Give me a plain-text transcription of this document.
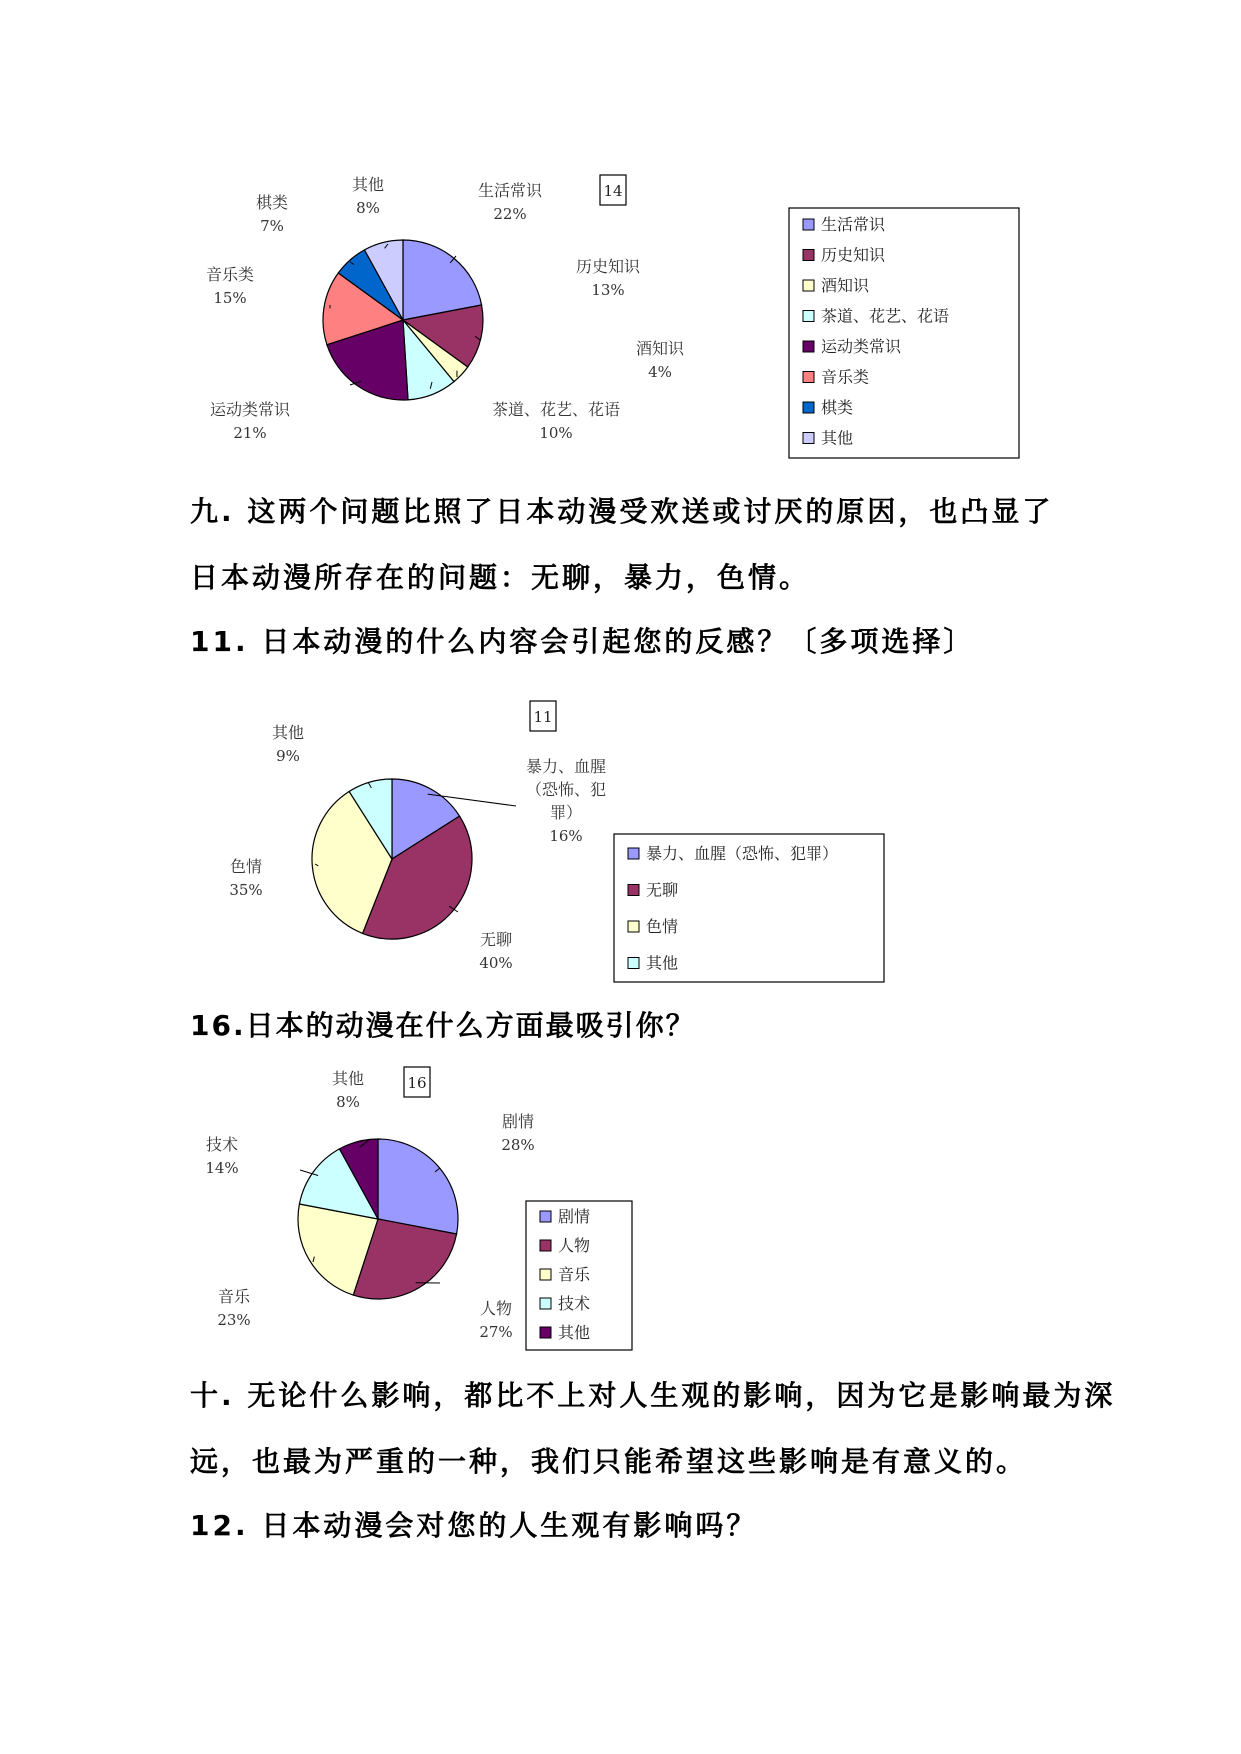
14
生活常识
22%
历史知识
13%
酒知识
4%
茶道、花艺、花语
10%
运动类常识
21%
音乐类
15%
棋类
7%
其他
8%
生活常识
历史知识
酒知识
茶道、花艺、花语
运动类常识
音乐类
棋类
其他
11
暴力、血腥
（恐怖、犯
罪）
16%
无聊
40%
色情
35%
其他
9%
暴力、血腥（恐怖、犯罪）
无聊
色情
其他
16
剧情
28%
人物
27%
音乐
23%
技术
14%
其他
8%
剧情
人物
音乐
技术
其他

九. 这两个问题比照了日本动漫受欢送或讨厌的原因，也凸显了

日本动漫所存在的问题：无聊，暴力，色情。

11. 日本动漫的什么内容会引起您的反感？〔多项选择〕

16.日本的动漫在什么方面最吸引你？

十. 无论什么影响，都比不上对人生观的影响，因为它是影响最为深

远，也最为严重的一种，我们只能希望这些影响是有意义的。

12. 日本动漫会对您的人生观有影响吗？
